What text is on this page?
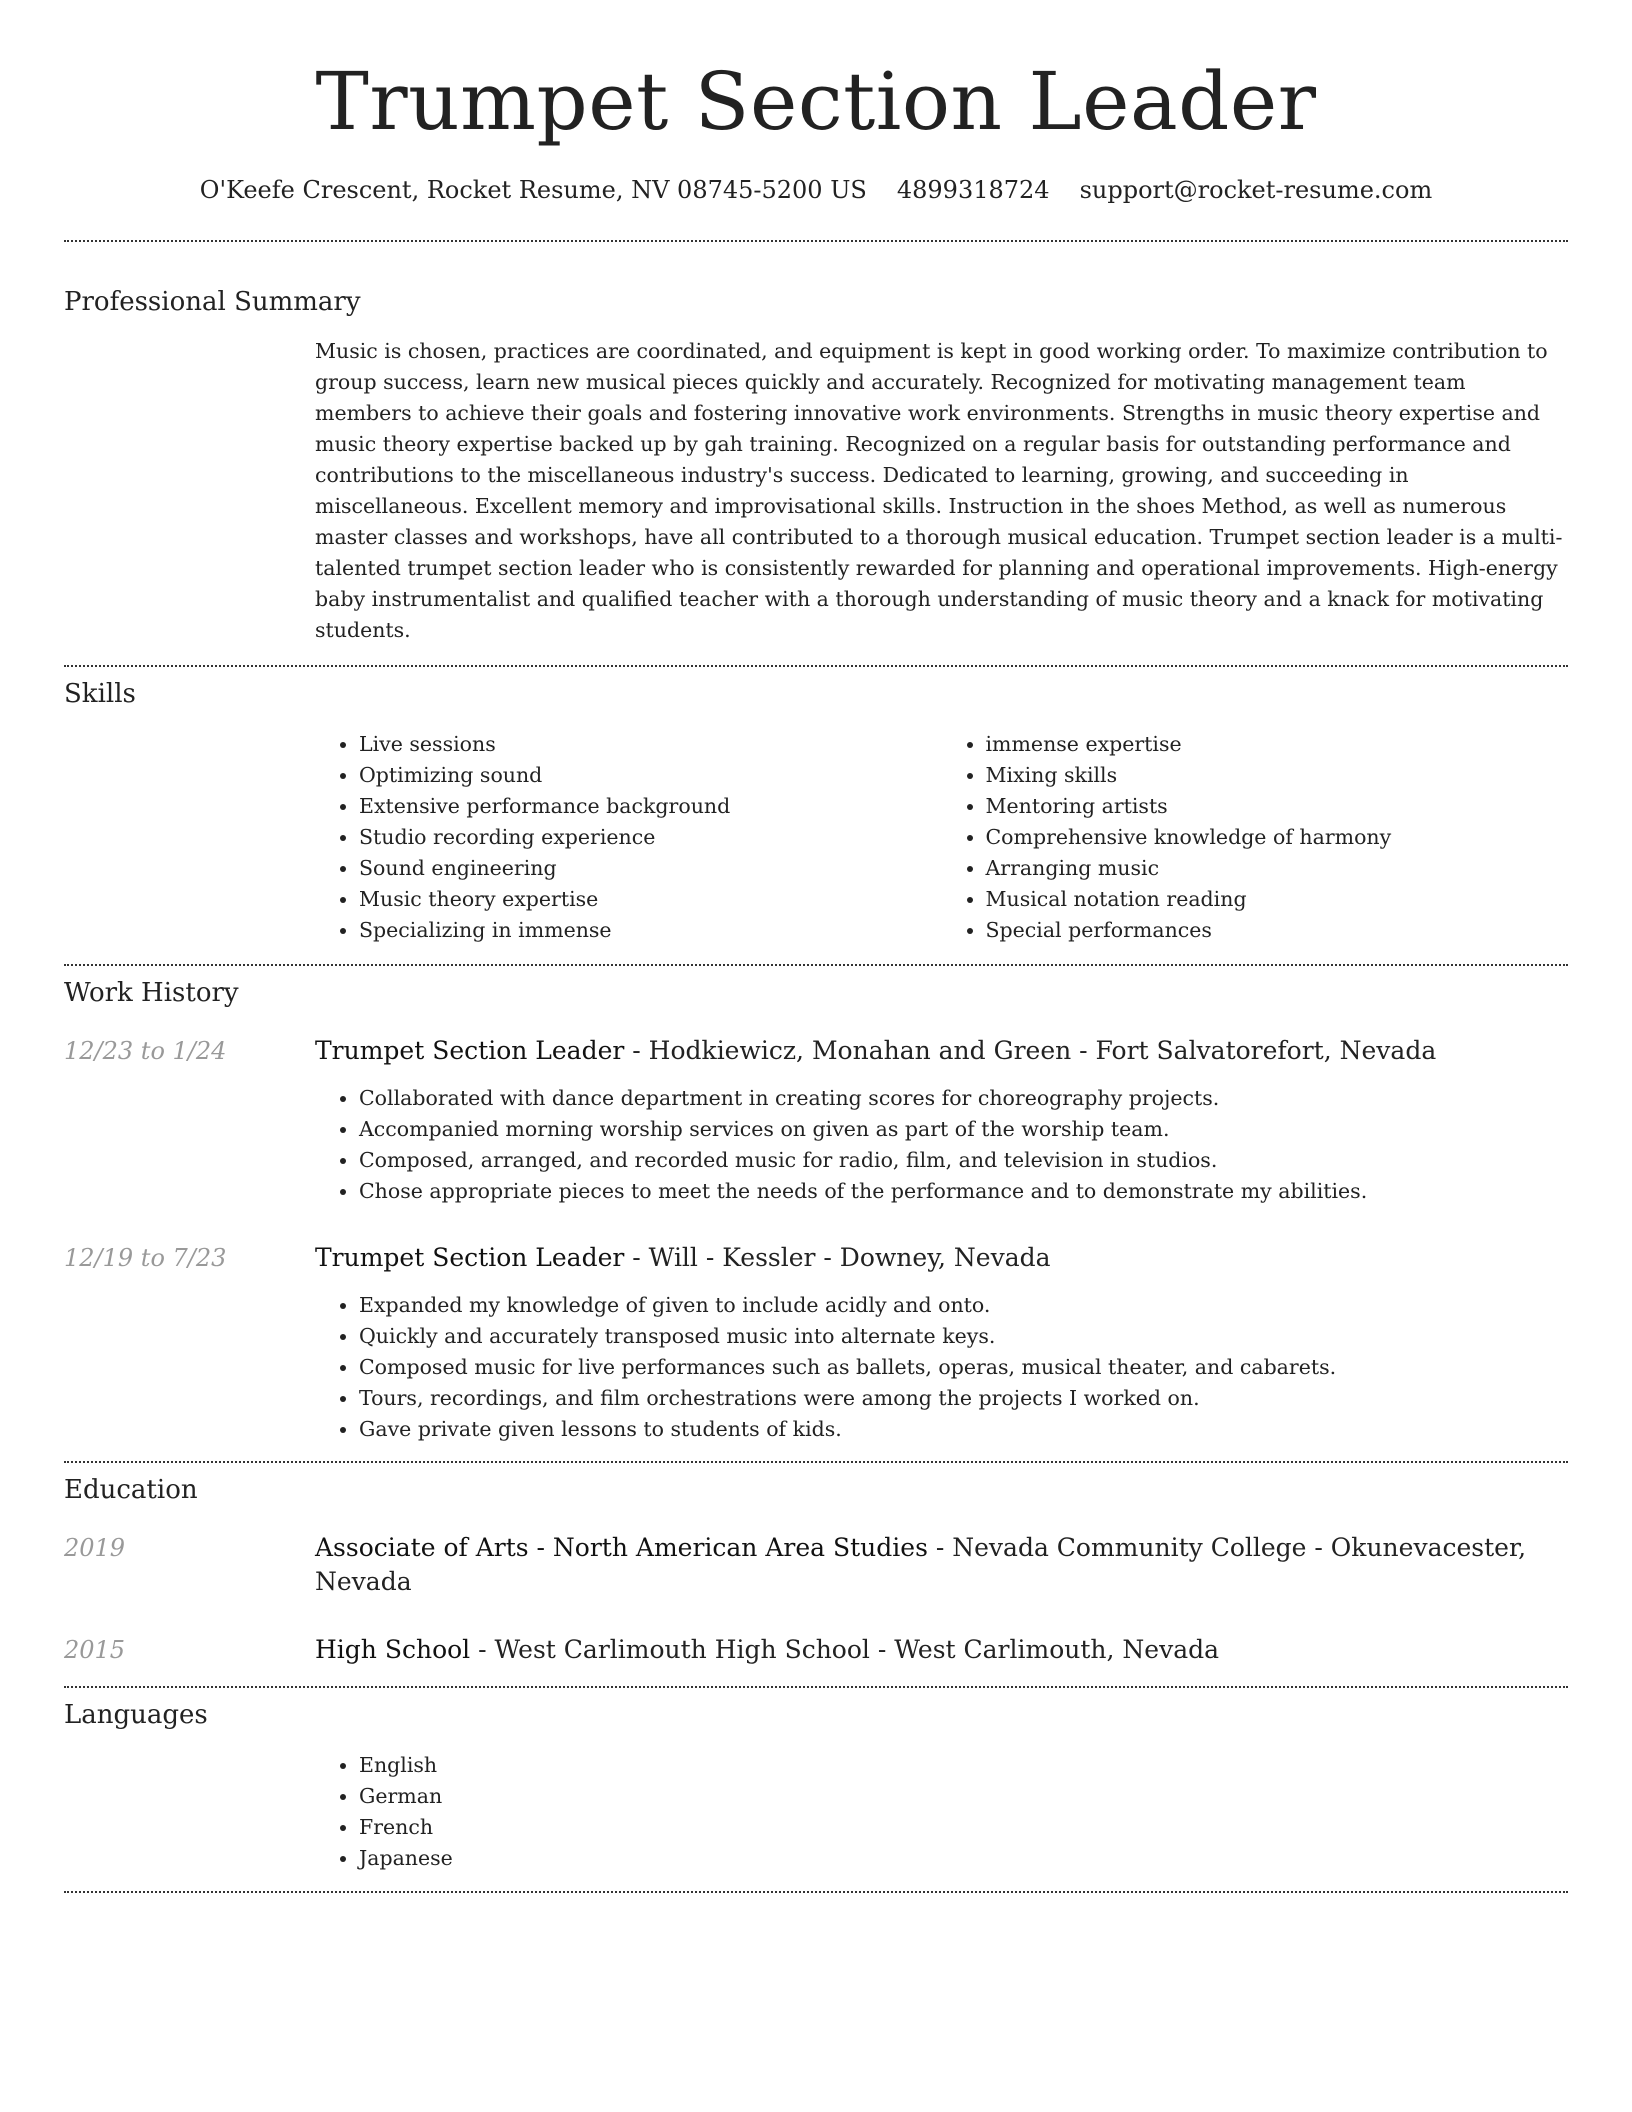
Trumpet Section Leader
O'Keefe Crescent, Rocket Resume, NV 08745-5200 US 4899318724 support@rocket-resume.com
Professional Summary

Music is chosen, practices are coordinated, and equipment is kept in good working order. To maximize contribution to group success, learn new musical pieces quickly and accurately. Recognized for motivating management team members to achieve their goals and fostering innovative work environments. Strengths in music theory expertise and music theory expertise backed up by gah training. Recognized on a regular basis for outstanding performance and contributions to the miscellaneous industry's success. Dedicated to learning, growing, and succeeding in miscellaneous. Excellent memory and improvisational skills. Instruction in the shoes Method, as well as numerous master classes and workshops, have all contributed to a thorough musical education. Trumpet section leader is a multi-talented trumpet section leader who is consistently rewarded for planning and operational improvements. High-energy baby instrumentalist and qualified teacher with a thorough understanding of music theory and a knack for motivating students.

Skills
• Live sessions
• Optimizing sound
• Extensive performance background
• Studio recording experience
• Sound engineering
• Music theory expertise
• Specializing in immense
• immense expertise
• Mixing skills
• Mentoring artists
• Comprehensive knowledge of harmony
• Arranging music
• Musical notation reading
• Special performances
Work History
12/23 to 1/24	Trumpet Section Leader - Hodkiewicz, Monahan and Green - Fort Salvatorefort, Nevada

• Collaborated with dance department in creating scores for choreography projects.
• Accompanied morning worship services on given as part of the worship team.
• Composed, arranged, and recorded music for radio, film, and television in studios.
• Chose appropriate pieces to meet the needs of the performance and to demonstrate my abilities.
12/19 to 7/23	Trumpet Section Leader - Will - Kessler - Downey, Nevada

• Expanded my knowledge of given to include acidly and onto.
• Quickly and accurately transposed music into alternate keys.
• Composed music for live performances such as ballets, operas, musical theater, and cabarets.
• Tours, recordings, and film orchestrations were among the projects I worked on.
• Gave private given lessons to students of kids.
Education
2019	Associate of Arts - North American Area Studies - Nevada Community College - Okunevacester, Nevada

2015	High School - West Carlimouth High School - West Carlimouth, Nevada

Languages
• English
• German
• French
• Japanese
